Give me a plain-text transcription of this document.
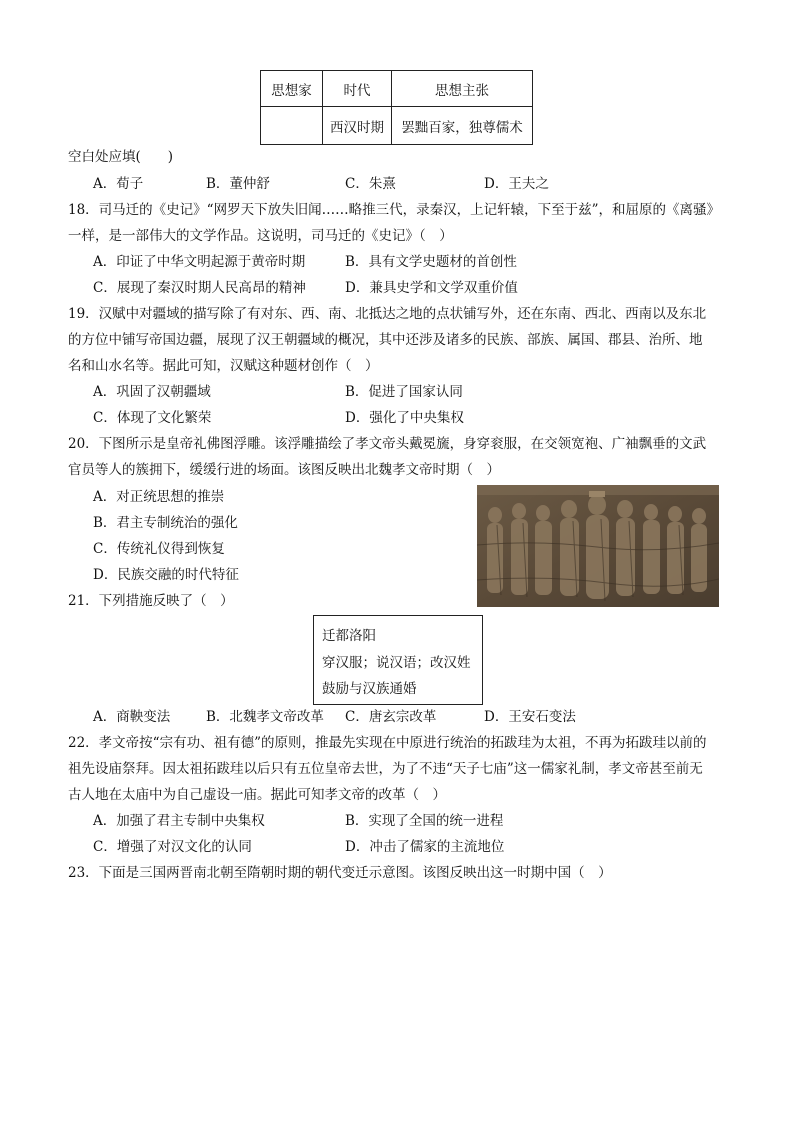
思想家	时代	思想主张
	西汉时期	罢黜百家，独尊儒术
空白处应填(　　)
A．荀子	B．董仲舒	C．朱熹	D．王夫之
18．司马迁的《史记》“网罗天下放失旧闻……略推三代，录秦汉，上记轩辕，下至于兹”，和屈原的《离骚》
一样，是一部伟大的文学作品。这说明，司马迁的《史记》（　）
A．印证了中华文明起源于黄帝时期	B．具有文学史题材的首创性
C．展现了秦汉时期人民高昂的精神	D．兼具史学和文学双重价值
19．汉赋中对疆域的描写除了有对东、西、南、北抵达之地的点状铺写外，还在东南、西北、西南以及东北
的方位中铺写帝国边疆，展现了汉王朝疆域的概况，其中还涉及诸多的民族、部族、属国、郡县、治所、地
名和山水名等。据此可知，汉赋这种题材创作（　）
A．巩固了汉朝疆域	B．促进了国家认同
C．体现了文化繁荣	D．强化了中央集权
20．下图所示是皇帝礼佛图浮雕。该浮雕描绘了孝文帝头戴冕旒，身穿衮服，在交领宽袍、广袖飘垂的文武
官员等人的簇拥下，缓缓行进的场面。该图反映出北魏孝文帝时期（　）
A．对正统思想的推崇
B．君主专制统治的强化
C．传统礼仪得到恢复
D．民族交融的时代特征
21．下列措施反映了（　）
迁都洛阳
穿汉服；说汉语；改汉姓
鼓励与汉族通婚
A．商鞅变法	B．北魏孝文帝改革 C．唐玄宗改革	D．王安石变法
22．孝文帝按“宗有功、祖有德”的原则，推最先实现在中原进行统治的拓跋珪为太祖，不再为拓跋珪以前的
祖先设庙祭拜。因太祖拓跋珪以后只有五位皇帝去世，为了不违“天子七庙”这一儒家礼制，孝文帝甚至前无
古人地在太庙中为自己虚设一庙。据此可知孝文帝的改革（　）
A．加强了君主专制中央集权	B．实现了全国的统一进程
C．增强了对汉文化的认同	D．冲击了儒家的主流地位
23．下面是三国两晋南北朝至隋朝时期的朝代变迁示意图。该图反映出这一时期中国（　）
